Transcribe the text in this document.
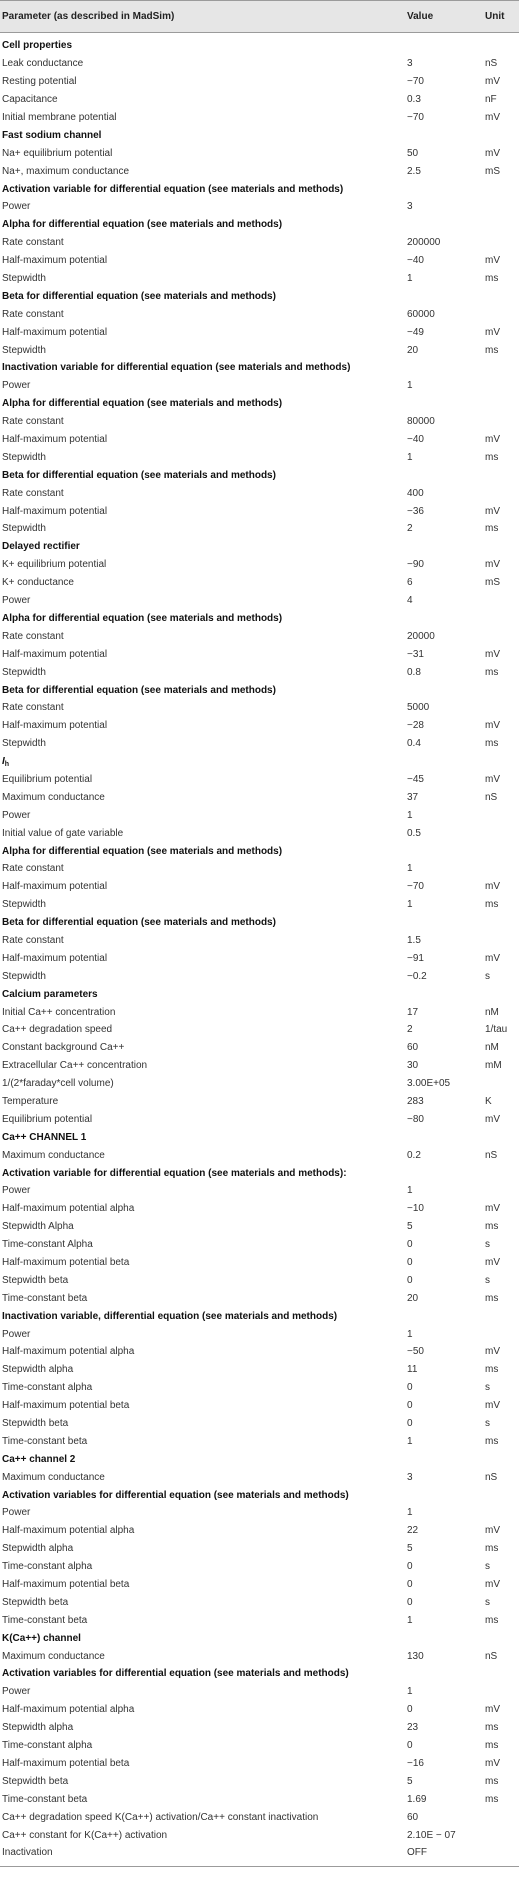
Parameter (as described in MadSim)	Value	Unit
Cell properties
Leak conductance	3	nS
Resting potential	−70	mV
Capacitance	0.3	nF
Initial membrane potential	−70	mV
Fast sodium channel
Na+ equilibrium potential	50	mV
Na+, maximum conductance	2.5	mS
Activation variable for differential equation (see materials and methods)
Power	3
Alpha for differential equation (see materials and methods)
Rate constant	200000
Half-maximum potential	−40	mV
Stepwidth	1	ms
Beta for differential equation (see materials and methods)
Rate constant	60000
Half-maximum potential	−49	mV
Stepwidth	20	ms
Inactivation variable for differential equation (see materials and methods)
Power	1
Alpha for differential equation (see materials and methods)
Rate constant	80000
Half-maximum potential	−40	mV
Stepwidth	1	ms
Beta for differential equation (see materials and methods)
Rate constant	400
Half-maximum potential	−36	mV
Stepwidth	2	ms
Delayed rectifier
K+ equilibrium potential	−90	mV
K+ conductance	6	mS
Power	4
Alpha for differential equation (see materials and methods)
Rate constant	20000
Half-maximum potential	−31	mV
Stepwidth	0.8	ms
Beta for differential equation (see materials and methods)
Rate constant	5000
Half-maximum potential	−28	mV
Stepwidth	0.4	ms
$I_h$
Equilibrium potential	−45	mV
Maximum conductance	37	nS
Power	1
Initial value of gate variable	0.5
Alpha for differential equation (see materials and methods)
Rate constant	1
Half-maximum potential	−70	mV
Stepwidth	1	ms
Beta for differential equation (see materials and methods)
Rate constant	1.5
Half-maximum potential	−91	mV
Stepwidth	−0.2	s
Calcium parameters
Initial Ca++ concentration	17	nM
Ca++ degradation speed	2	1/tau
Constant background Ca++	60	nM
Extracellular Ca++ concentration	30	mM
1/(2*faraday*cell volume)	3.00E+05
Temperature	283	K
Equilibrium potential	−80	mV
Ca++ CHANNEL 1
Maximum conductance	0.2	nS
Activation variable for differential equation (see materials and methods):
Power	1
Half-maximum potential alpha	−10	mV
Stepwidth Alpha	5	ms
Time-constant Alpha	0	s
Half-maximum potential beta	0	mV
Stepwidth beta	0	s
Time-constant beta	20	ms
Inactivation variable, differential equation (see materials and methods)
Power	1
Half-maximum potential alpha	−50	mV
Stepwidth alpha	11	ms
Time-constant alpha	0	s
Half-maximum potential beta	0	mV
Stepwidth beta	0	s
Time-constant beta	1	ms
Ca++ channel 2
Maximum conductance	3	nS
Activation variables for differential equation (see materials and methods)
Power	1
Half-maximum potential alpha	22	mV
Stepwidth alpha	5	ms
Time-constant alpha	0	s
Half-maximum potential beta	0	mV
Stepwidth beta	0	s
Time-constant beta	1	ms
K(Ca++) channel
Maximum conductance	130	nS
Activation variables for differential equation (see materials and methods)
Power	1
Half-maximum potential alpha	0	mV
Stepwidth alpha	23	ms
Time-constant alpha	0	ms
Half-maximum potential beta	−16	mV
Stepwidth beta	5	ms
Time-constant beta	1.69	ms
Ca++ degradation speed K(Ca++) activation/Ca++ constant inactivation	60
Ca++ constant for K(Ca++) activation	2.10E − 07
Inactivation	OFF
